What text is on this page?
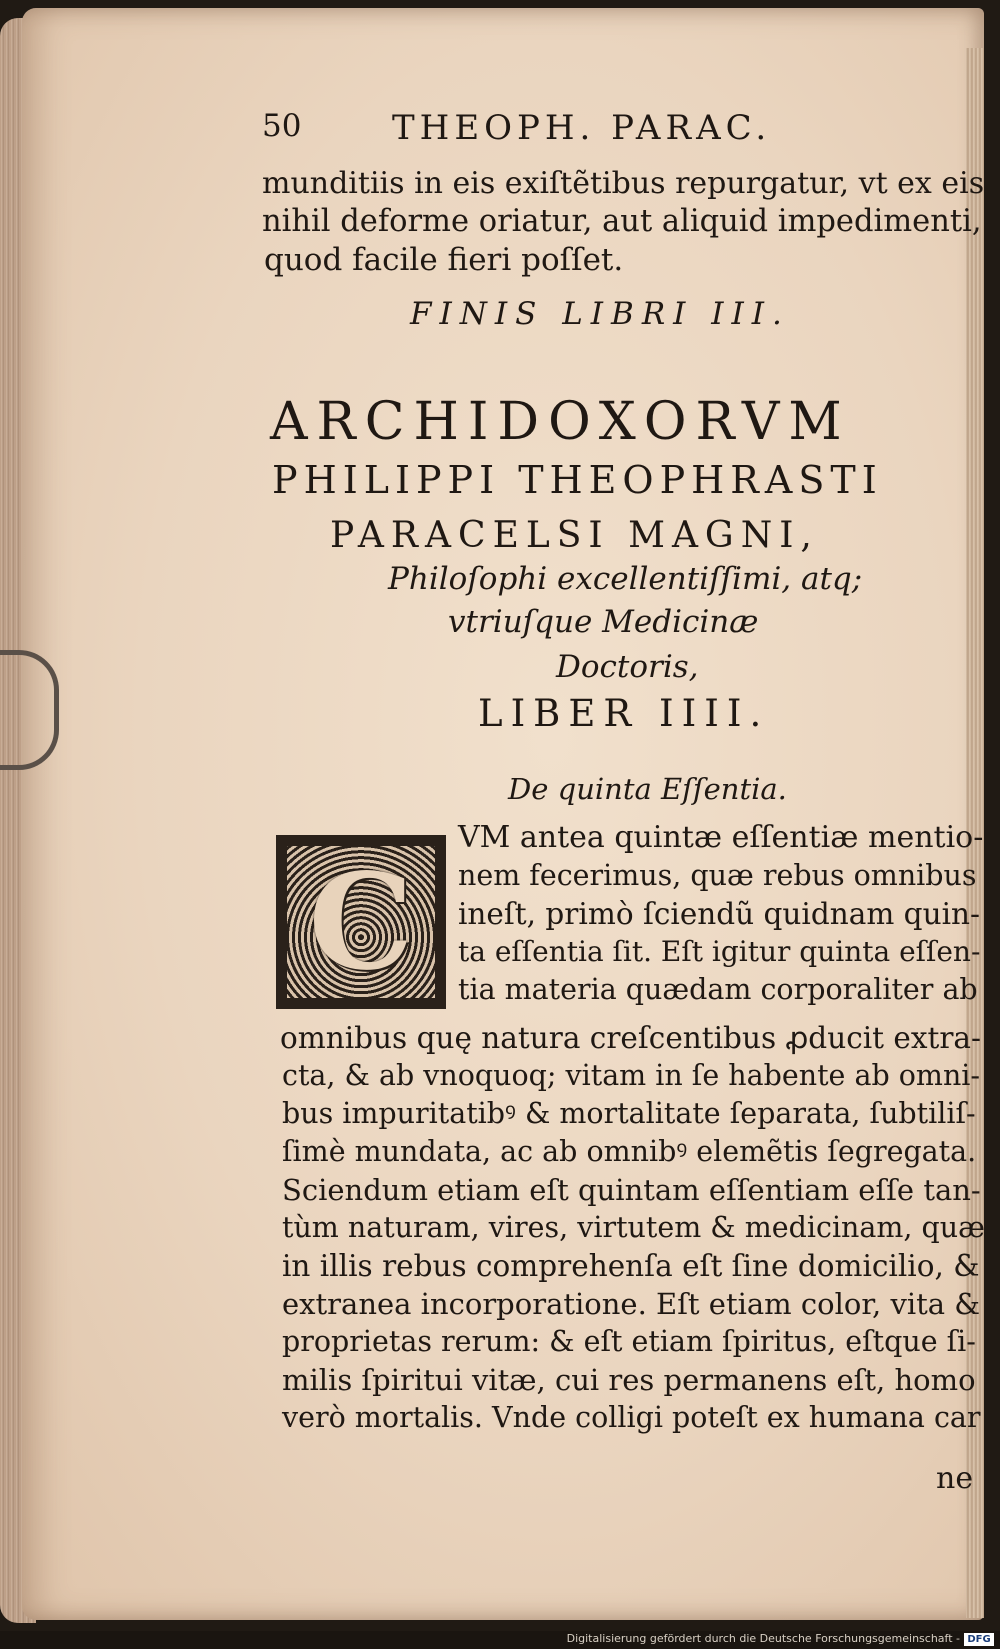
50	THEOPH. PARAC.
munditiis in eis exiſtẽtibus repurgatur, vt ex eis
nihil deforme oriatur, aut aliquid impedimenti,
quod facile fieri poſſet.
FINIS LIBRI III.
ARCHIDOXORVM
PHILIPPI THEOPHRASTI
PARACELSI MAGNI,
Philoſophi excellentiſſimi, atq;
vtriuſque Medicinæ
Doctoris,
LIBER IIII.
De quinta Eſſentia.
C
VM antea quintæ eſſentiæ mentio-
nem fecerimus, quæ rebus omnibus
ineſt, primò ſciendũ quidnam quin-
ta eſſentia ſit. Eſt igitur quinta eſſen-
tia materia quædam corporaliter ab
omnibus quę natura creſcentibus ꝓducit extra-
cta, & ab vnoquoq; vitam in ſe habente ab omni-
bus impuritatibꝰ & mortalitate ſeparata, ſubtiliſ-
ſimè mundata, ac ab omnibꝰ elemẽtis ſegregata.
Sciendum etiam eſt quintam eſſentiam eſſe tan-
tùm naturam, vires, virtutem & medicinam, quæ
in illis rebus comprehenſa eſt ſine domicilio, &
extranea incorporatione. Eſt etiam color, vita &
proprietas rerum: & eſt etiam ſpiritus, eſtque ſi-
milis ſpiritui vitæ, cui res permanens eſt, homo
verò mortalis. Vnde colligi poteſt ex humana car
ne
Digitalisierung gefördert durch die Deutsche Forschungsgemeinschaft - DFG
